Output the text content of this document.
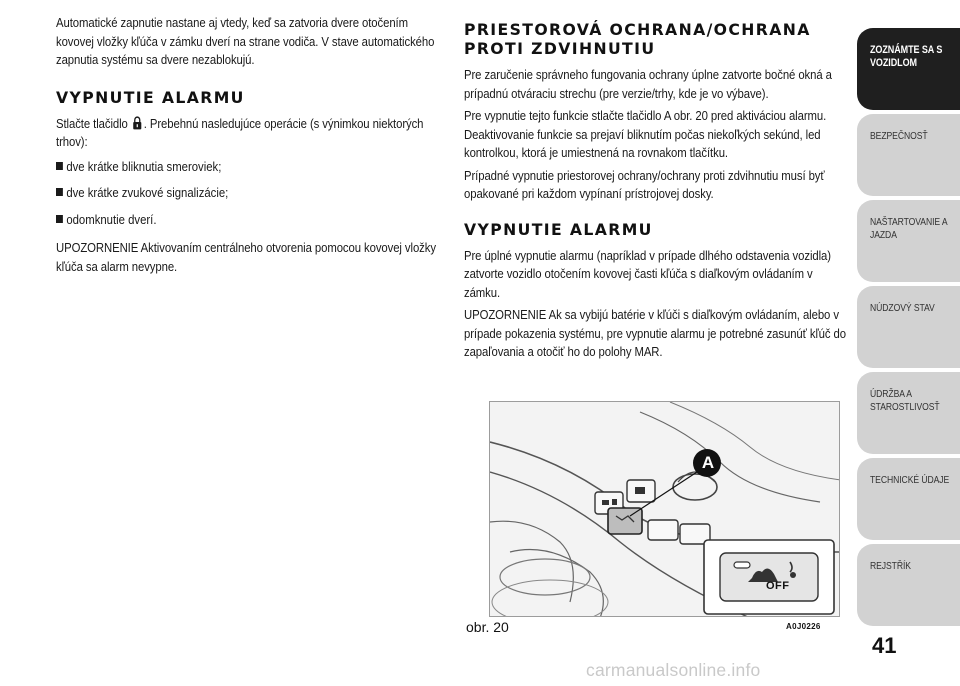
Automatické zapnutie nastane aj vtedy, keď sa zatvoria dvere otočením kovovej vložky kľúča v zámku dverí na strane vodiča. V stave automatického zapnutia systému sa dvere nezablokujú.

VYPNUTIE ALARMU

Stlačte tlačidlo . Prebehnú nasledujúce operácie (s výnimkou niektorých trhov):

dve krátke bliknutia smeroviek;
dve krátke zvukové signalizácie;
odomknutie dverí.

UPOZORNENIE Aktivovaním centrálneho otvorenia pomocou kovovej vložky kľúča sa alarm nevypne.

PRIESTOROVÁ OCHRANA/OCHRANA PROTI ZDVIHNUTIU

Pre zaručenie správneho fungovania ochrany úplne zatvorte bočné okná a prípadnú otváraciu strechu (pre verzie/trhy, kde je vo výbave).

Pre vypnutie tejto funkcie stlačte tlačidlo A obr. 20 pred aktiváciou alarmu. Deaktivovanie funkcie sa prejaví bliknutím počas niekoľkých sekúnd, led kontrolkou, ktorá je umiestnená na rovnakom tlačítku.

Prípadné vypnutie priestorovej ochrany/ochrany proti zdvihnutiu musí byť opakované pri každom vypínaní prístrojovej dosky.

VYPNUTIE ALARMU

Pre úplné vypnutie alarmu (napríklad v prípade dlhého odstavenia vozidla) zatvorte vozidlo otočením kovovej časti kľúča s diaľkovým ovládaním v zámku.

UPOZORNENIE Ak sa vybijú batérie v kľúči s diaľkovým ovládaním, alebo v prípade pokazenia systému, pre vypnutie alarmu je potrebné zasunúť kľúč do zapaľovania a otočiť ho do polohy MAR.

A
OFF
obr. 20	A0J0226
ZOZNÁMTE SA S VOZIDLOM
BEZPEČNOSŤ
NAŠTARTOVANIE A JAZDA
NÚDZOVÝ STAV
ÚDRŽBA A STAROSTLIVOSŤ
TECHNICKÉ ÚDAJE
REJSTŘÍK
41
carmanualsonline.info
